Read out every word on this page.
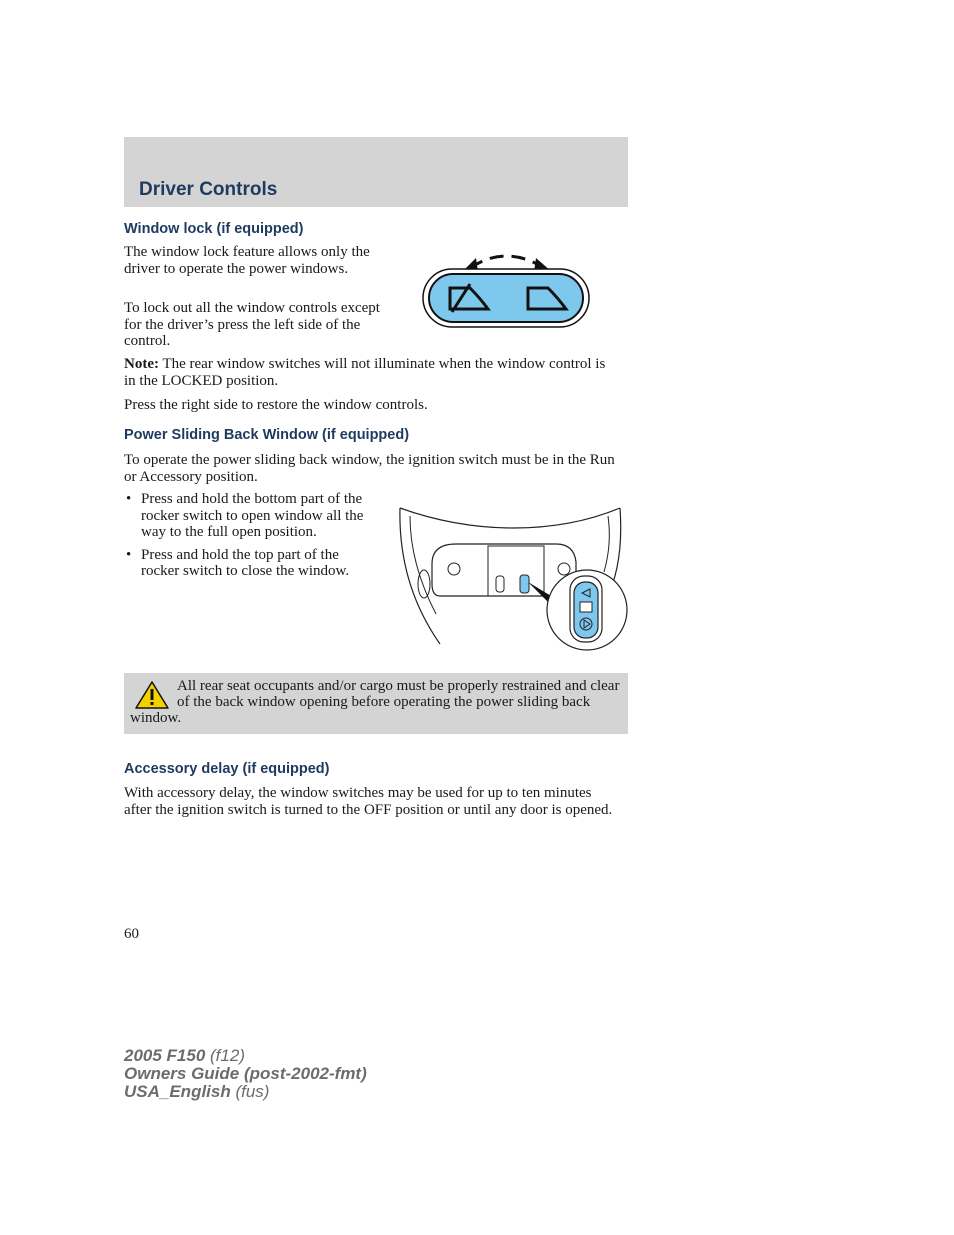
Driver Controls
Window lock (if equipped)

The window lock feature allows only the driver to operate the power windows.

To lock out all the window controls except for the driver’s press the left side of the control.

Note: The rear window switches will not illuminate when the window control is in the LOCKED position.

Press the right side to restore the window controls.

Power Sliding Back Window (if equipped)

To operate the power sliding back window, the ignition switch must be in the Run or Accessory position.

• Press and hold the bottom part of the rocker switch to open window all the way to the full open position.
• Press and hold the top part of the rocker switch to close the window.
All rear seat occupants and/or cargo must be properly restrained and clear of the back window opening before operating the power sliding back window.
Accessory delay (if equipped)

With accessory delay, the window switches may be used for up to ten minutes after the ignition switch is turned to the OFF position or until any door is opened.

60
2005 F150 (f12)
Owners Guide (post-2002-fmt)
USA_English (fus)
